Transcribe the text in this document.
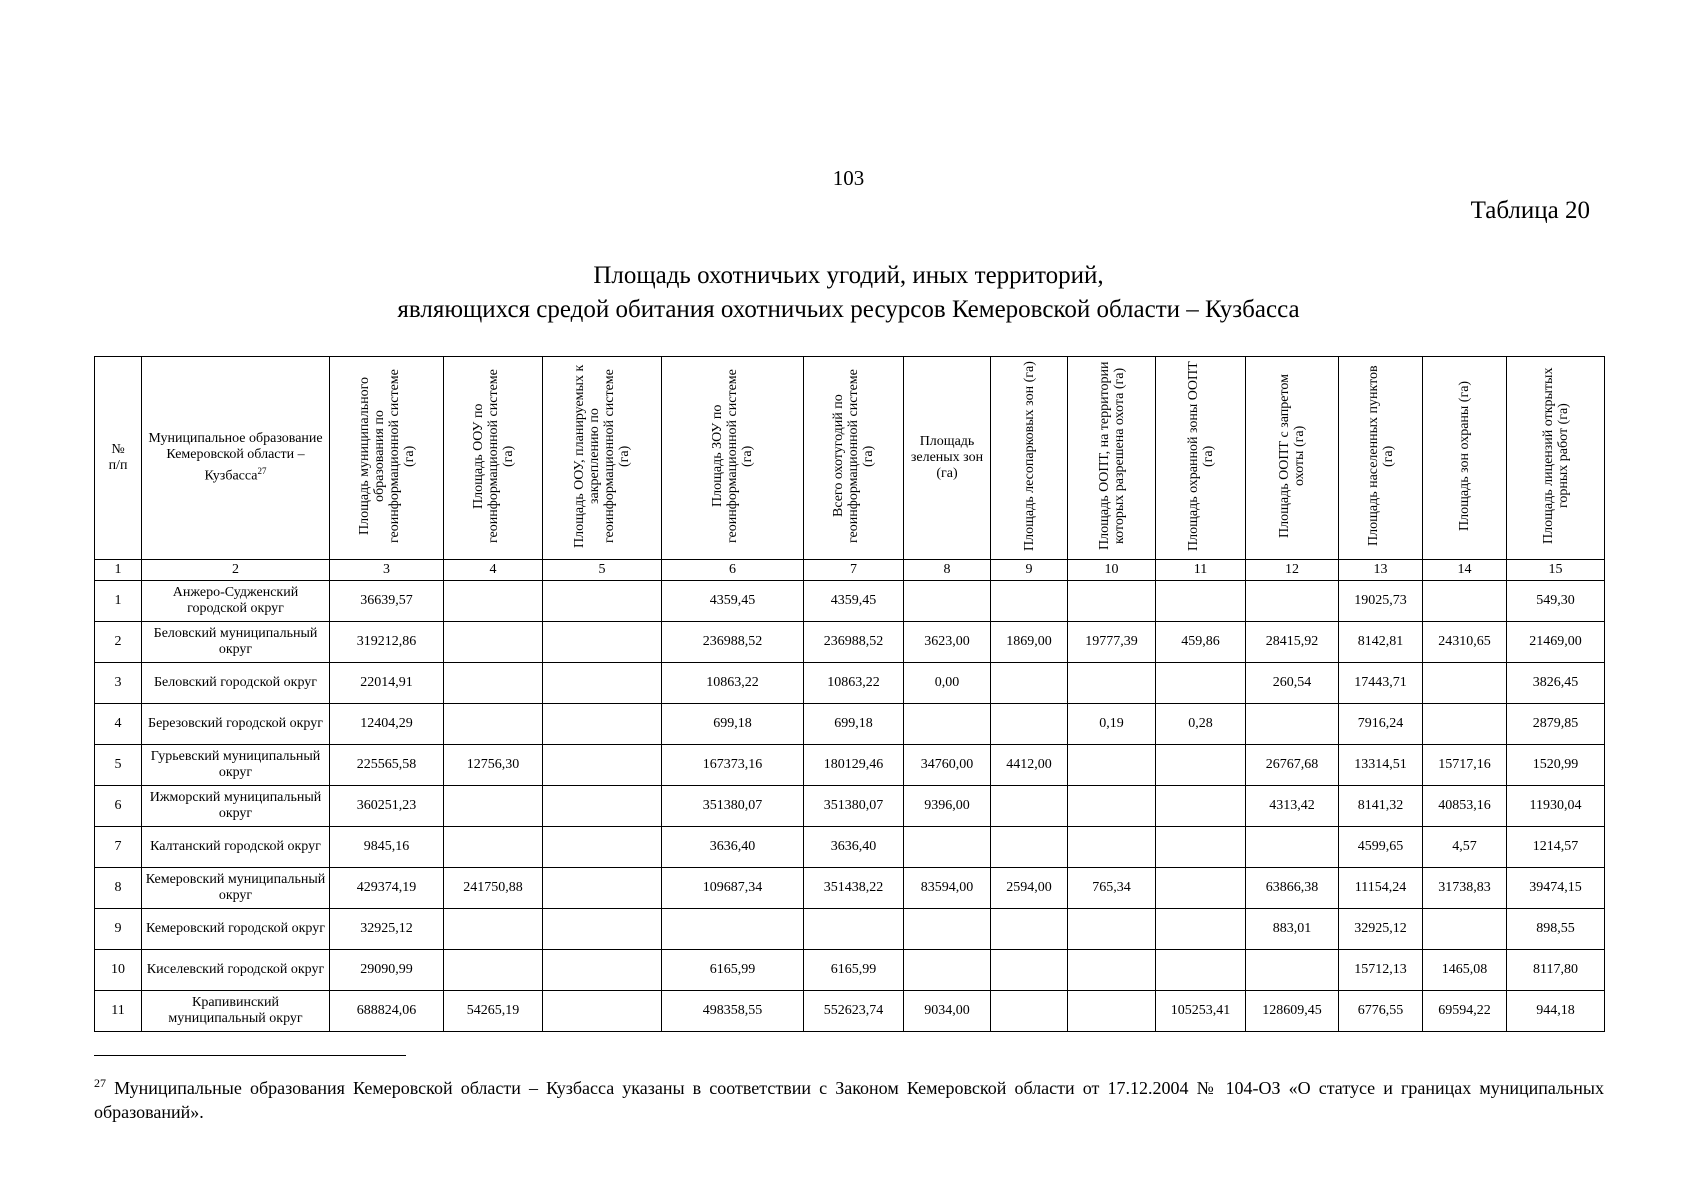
103
Таблица 20
Площадь охотничьих угодий, иных территорий,
являющихся средой обитания охотничьих ресурсов Кемеровской области – Кузбасса
№ п/п	Муниципальное образование Кемеровской области – Кузбасса$^{27}$	Площадь муниципального образования по геоинформационной системе (га)	Площадь ООУ по геоинформационной системе (га)	Площадь ООУ, планируемых к закреплению по геоинформационной системе (га)	Площадь ЗОУ по геоинформационной системе (га)	Всего охотугодий по геоинформационной системе (га)	Площадь зеленых зон (га)	Площадь лесопарковых зон (га)	Площадь ООПТ, на территории которых разрешена охота (га)	Площадь охранной зоны ООПТ (га)	Площадь ООПТ с запретом охоты (га)	Площадь населенных пунктов (га)	Площадь зон охраны (га)	Площадь лицензий открытых горных работ (га)
1	2	3	4	5	6	7	8	9	10	11	12	13	14	15
1	Анжеро-Судженский городской округ	36639,57			4359,45	4359,45						19025,73		549,30
2	Беловский муниципальный округ	319212,86			236988,52	236988,52	3623,00	1869,00	19777,39	459,86	28415,92	8142,81	24310,65	21469,00
3	Беловский городской округ	22014,91			10863,22	10863,22	0,00				260,54	17443,71		3826,45
4	Березовский городской округ	12404,29			699,18	699,18			0,19	0,28		7916,24		2879,85
5	Гурьевский муниципальный округ	225565,58	12756,30		167373,16	180129,46	34760,00	4412,00			26767,68	13314,51	15717,16	1520,99
6	Ижморский муниципальный округ	360251,23			351380,07	351380,07	9396,00				4313,42	8141,32	40853,16	11930,04
7	Калтанский городской округ	9845,16			3636,40	3636,40						4599,65	4,57	1214,57
8	Кемеровский муниципальный округ	429374,19	241750,88		109687,34	351438,22	83594,00	2594,00	765,34		63866,38	11154,24	31738,83	39474,15
9	Кемеровский городской округ	32925,12									883,01	32925,12		898,55
10	Киселевский городской округ	29090,99			6165,99	6165,99						15712,13	1465,08	8117,80
11	Крапивинский муниципальный округ	688824,06	54265,19		498358,55	552623,74	9034,00			105253,41	128609,45	6776,55	69594,22	944,18
$^{27}$ Муниципальные образования Кемеровской области – Кузбасса указаны в соответствии с Законом Кемеровской области от 17.12.2004 № 104-ОЗ «О статусе и границах муниципальных образований».
